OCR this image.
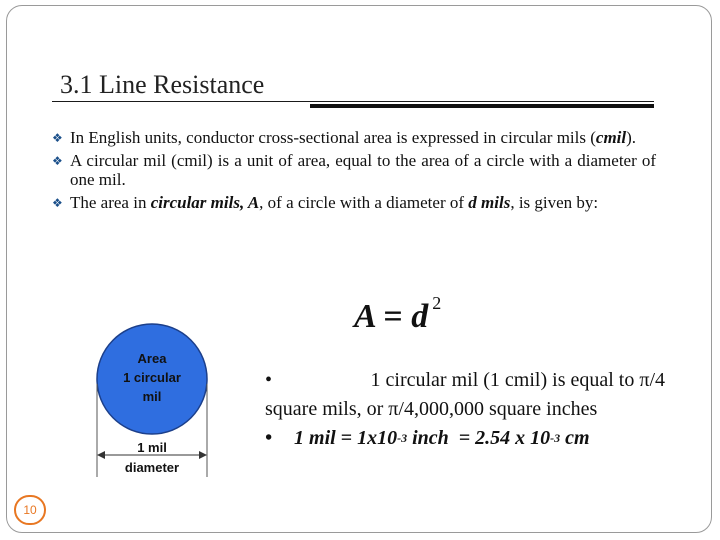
3.1 Line Resistance
❖ In English units, conductor cross-sectional area is expressed in circular mils (cmil).
❖ A circular mil (cmil) is a unit of area, equal to the area of a circle with a diameter of one mil.
❖ The area in circular mils, A, of a circle with a diameter of d mils, is given by:
A = d $^2$
Area
1 circular
mil
1 mil
diameter
•	1 circular mil (1 cmil) is equal to π/4
square mils, or π/4,000,000 square inches
• 1 mil = 1x10 -3 inch  = 2.54 x 10 -3 cm
10
